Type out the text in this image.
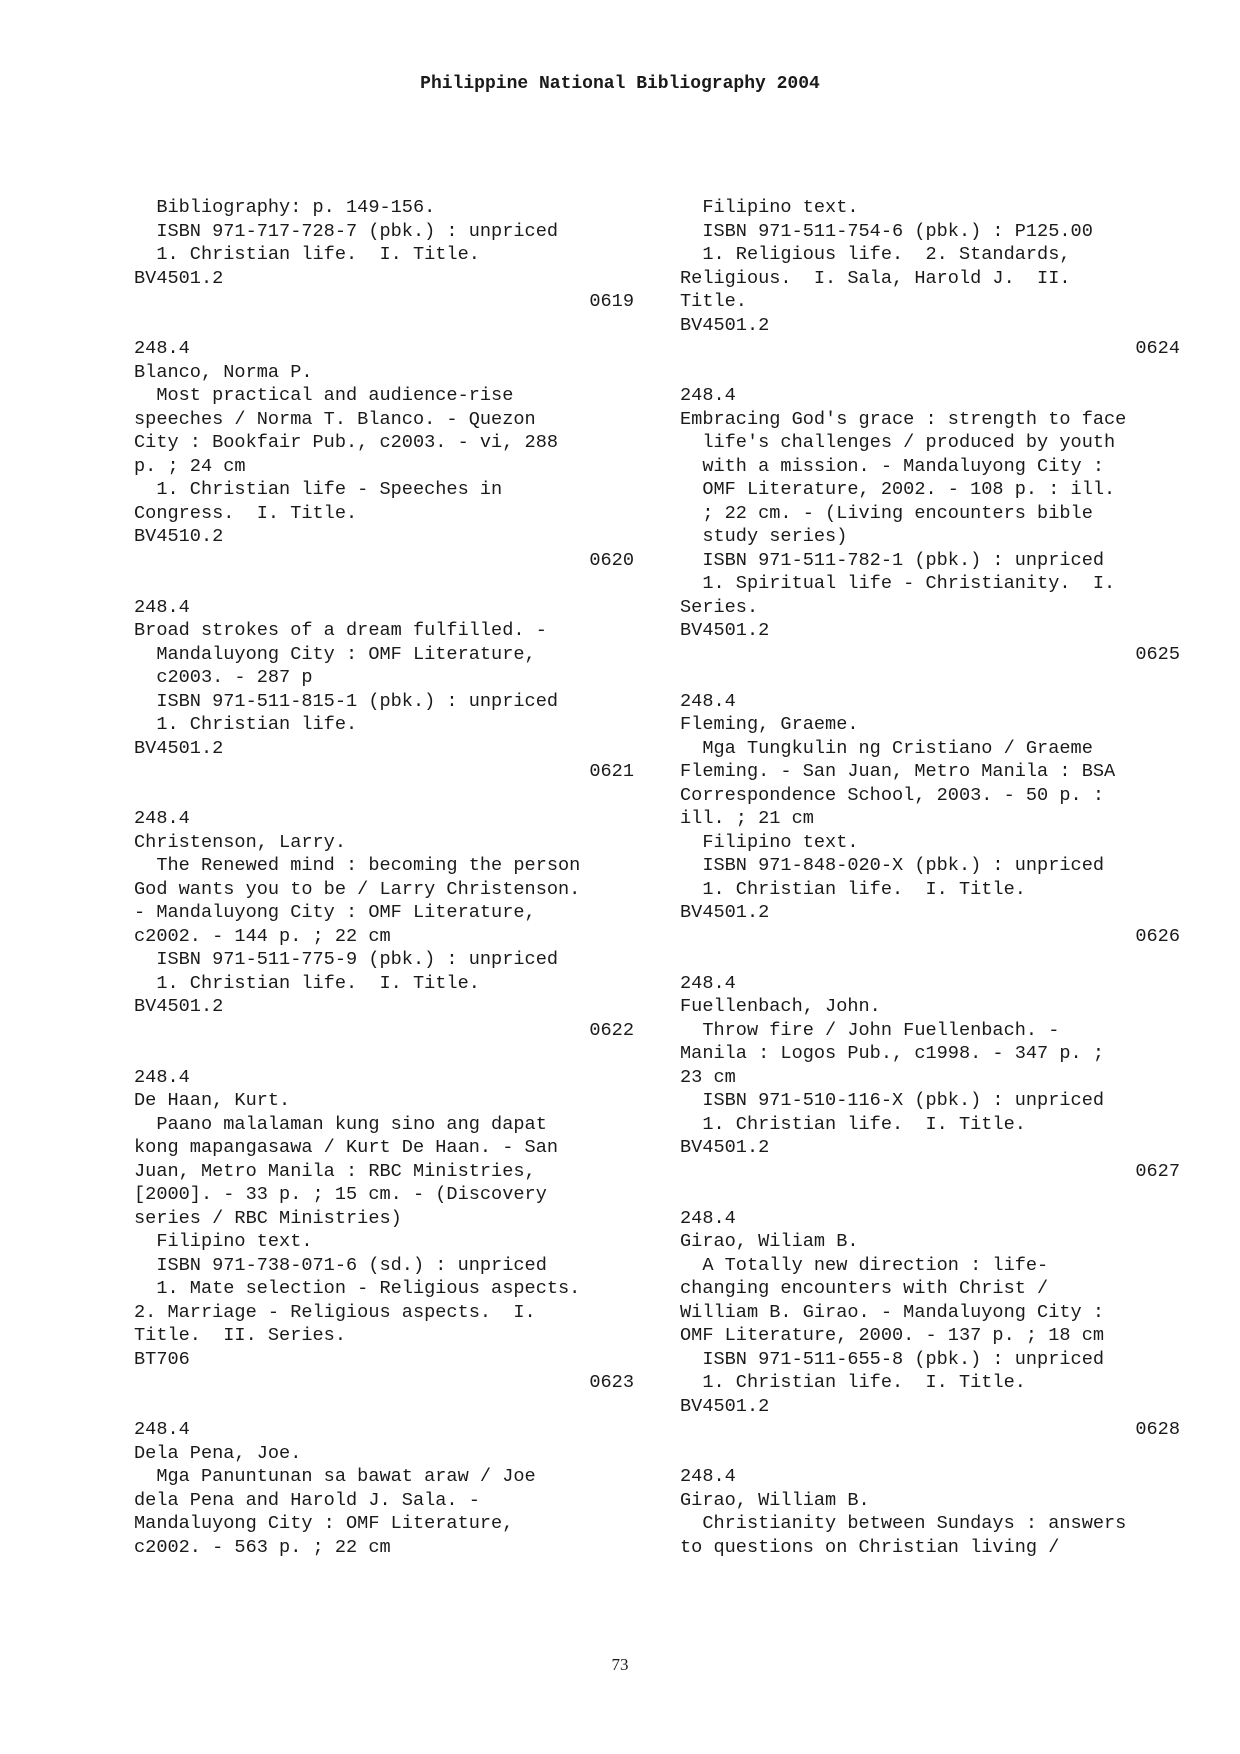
Philippine National Bibliography 2004
Bibliography: p. 149-156.
ISBN 971-717-728-7 (pbk.) : unpriced
1. Christian life.  I. Title.
BV4501.2
0619
248.4
Blanco, Norma P.
Most practical and audience-rise
speeches / Norma T. Blanco. - Quezon
City : Bookfair Pub., c2003. - vi, 288
p. ; 24 cm
1. Christian life - Speeches in
Congress.  I. Title.
BV4510.2
0620
248.4
Broad strokes of a dream fulfilled. -
Mandaluyong City : OMF Literature,
c2003. - 287 p
ISBN 971-511-815-1 (pbk.) : unpriced
1. Christian life.
BV4501.2
0621
248.4
Christenson, Larry.
The Renewed mind : becoming the person
God wants you to be / Larry Christenson.
- Mandaluyong City : OMF Literature,
c2002. - 144 p. ; 22 cm
ISBN 971-511-775-9 (pbk.) : unpriced
1. Christian life.  I. Title.
BV4501.2
0622
248.4
De Haan, Kurt.
Paano malalaman kung sino ang dapat
kong mapangasawa / Kurt De Haan. - San
Juan, Metro Manila : RBC Ministries,
[2000]. - 33 p. ; 15 cm. - (Discovery
series / RBC Ministries)
Filipino text.
ISBN 971-738-071-6 (sd.) : unpriced
1. Mate selection - Religious aspects.
2. Marriage - Religious aspects.  I.
Title.  II. Series.
BT706
0623
248.4
Dela Pena, Joe.
Mga Panuntunan sa bawat araw / Joe
dela Pena and Harold J. Sala. -
Mandaluyong City : OMF Literature,
c2002. - 563 p. ; 22 cm
Filipino text.
ISBN 971-511-754-6 (pbk.) : P125.00
1. Religious life.  2. Standards,
Religious.  I. Sala, Harold J.  II.
Title.
BV4501.2
0624
248.4
Embracing God's grace : strength to face
life's challenges / produced by youth
with a mission. - Mandaluyong City :
OMF Literature, 2002. - 108 p. : ill.
; 22 cm. - (Living encounters bible
study series)
ISBN 971-511-782-1 (pbk.) : unpriced
1. Spiritual life - Christianity.  I.
Series.
BV4501.2
0625
248.4
Fleming, Graeme.
Mga Tungkulin ng Cristiano / Graeme
Fleming. - San Juan, Metro Manila : BSA
Correspondence School, 2003. - 50 p. :
ill. ; 21 cm
Filipino text.
ISBN 971-848-020-X (pbk.) : unpriced
1. Christian life.  I. Title.
BV4501.2
0626
248.4
Fuellenbach, John.
Throw fire / John Fuellenbach. -
Manila : Logos Pub., c1998. - 347 p. ;
23 cm
ISBN 971-510-116-X (pbk.) : unpriced
1. Christian life.  I. Title.
BV4501.2
0627
248.4
Girao, Wiliam B.
A Totally new direction : life-
changing encounters with Christ /
William B. Girao. - Mandaluyong City :
OMF Literature, 2000. - 137 p. ; 18 cm
ISBN 971-511-655-8 (pbk.) : unpriced
1. Christian life.  I. Title.
BV4501.2
0628
248.4
Girao, William B.
Christianity between Sundays : answers
to questions on Christian living /
73
